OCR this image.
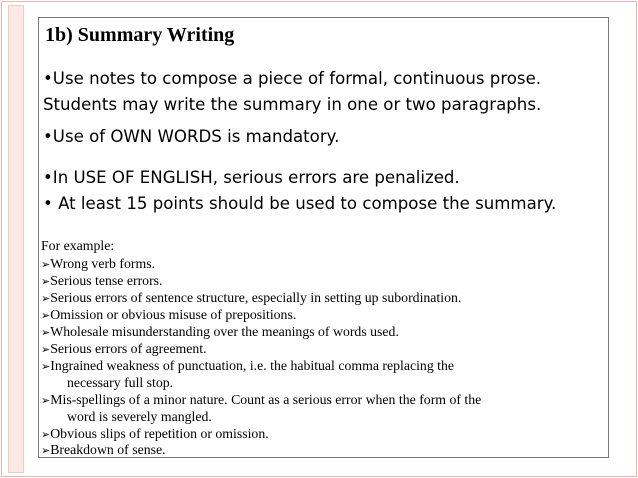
1b) Summary Writing
•Use notes to compose a piece of formal, continuous prose.
Students may write the summary in one or two paragraphs.
•Use of OWN WORDS is mandatory.
•In USE OF ENGLISH, serious errors are penalized.
• At least 15 points should be used to compose the summary.
For example:
➢Wrong verb forms.
➢Serious tense errors.
➢Serious errors of sentence structure, especially in setting up subordination.
➢Omission or obvious misuse of prepositions.
➢Wholesale misunderstanding over the meanings of words used.
➢Serious errors of agreement.
➢Ingrained weakness of punctuation, i.e. the habitual comma replacing the
necessary full stop.
➢Mis-spellings of a minor nature. Count as a serious error when the form of the
word is severely mangled.
➢Obvious slips of repetition or omission.
➢Breakdown of sense.
